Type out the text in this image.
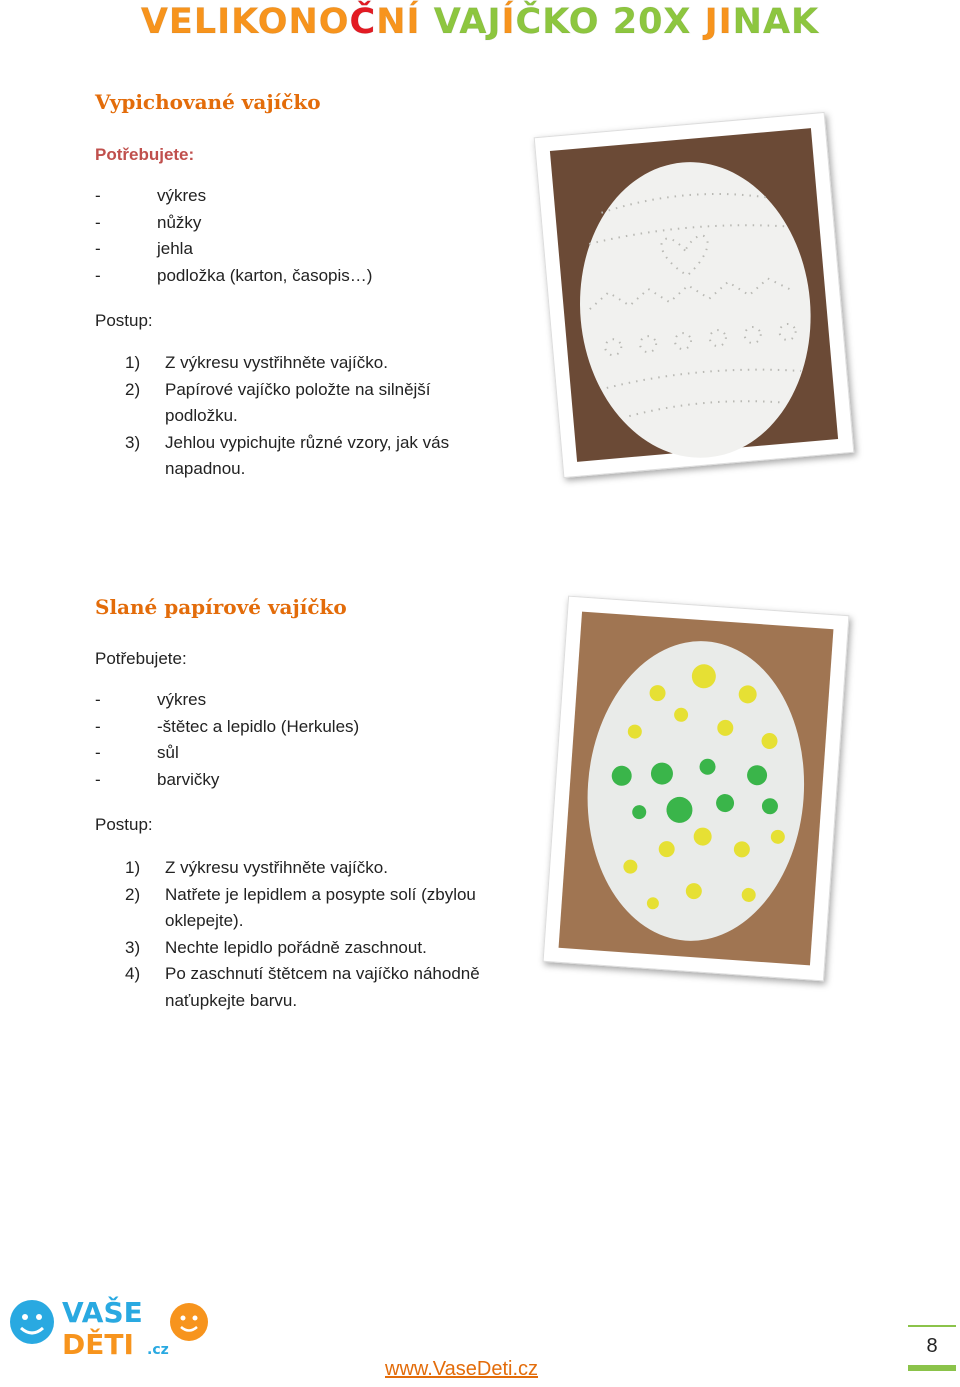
VELIKONOČNÍ VAJÍČKO 20X JINAK
Vypichované vajíčko
Potřebujete:
-	výkres
-	nůžky
-	jehla
-	podložka (karton, časopis…)
Postup:
1)	Z výkresu vystřihněte vajíčko.
2)	Papírové vajíčko položte na silnější podložku.
3)	Jehlou vypichujte různé vzory, jak vás napadnou.
Slané papírové vajíčko
Potřebujete:
-	výkres
-	-štětec a lepidlo (Herkules)
-	sůl
-	barvičky
Postup:
1)	Z výkresu vystřihněte vajíčko.
2)	Natřete je lepidlem a posypte solí (zbylou oklepejte).
3)	Nechte lepidlo pořádně zaschnout.
4)	Po zaschnutí štětcem na vajíčko náhodně naťupkejte barvu.
VAŠE
DĚTI .cz
www.VaseDeti.cz
8
